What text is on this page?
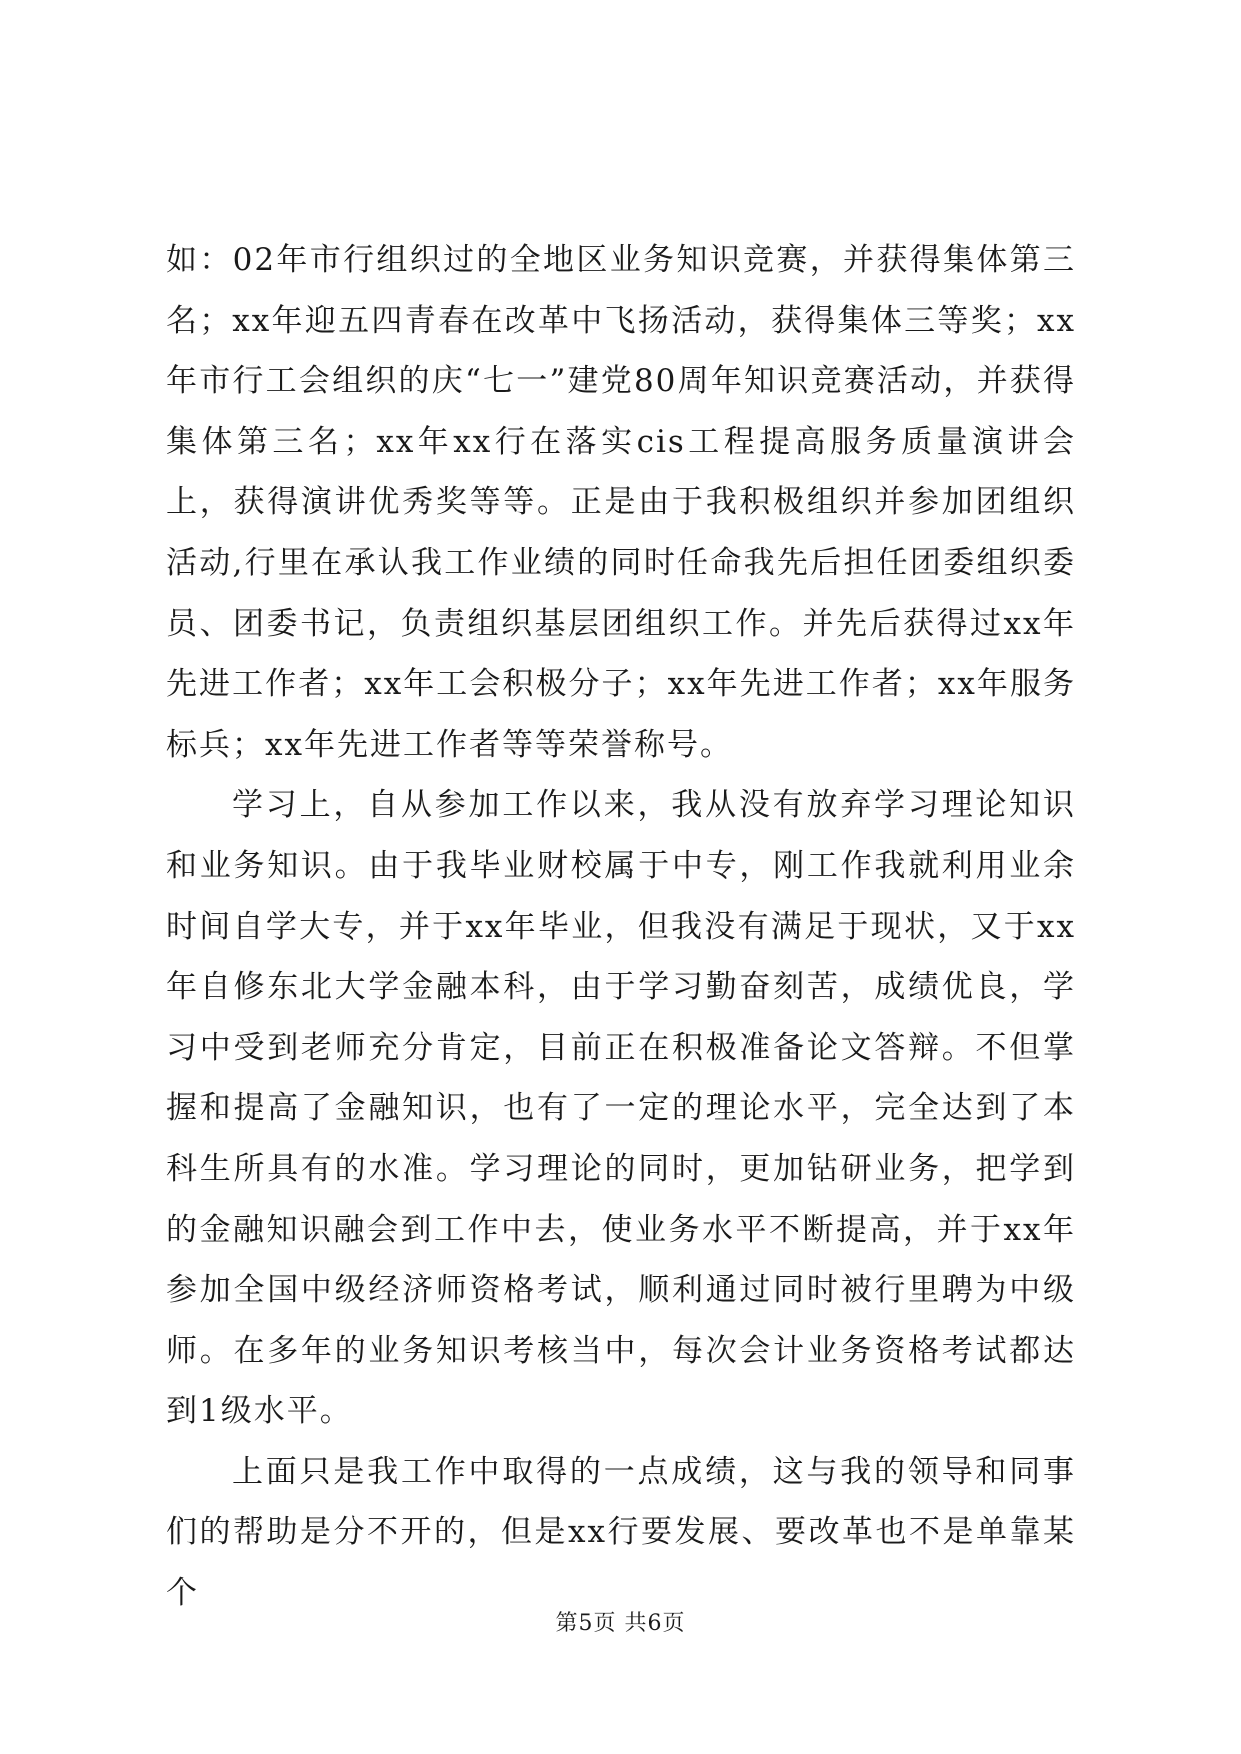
如：02年市行组织过的全地区业务知识竞赛，并获得集体第三名；xx年迎五四青春在改革中飞扬活动，获得集体三等奖；xx年市行工会组织的庆“七一”建党80周年知识竞赛活动，并获得集体第三名；xx年xx行在落实cis工程提高服务质量演讲会上，获得演讲优秀奖等等。正是由于我积极组织并参加团组织活动,行里在承认我工作业绩的同时任命我先后担任团委组织委员、团委书记，负责组织基层团组织工作。并先后获得过xx年先进工作者；xx年工会积极分子；xx年先进工作者；xx年服务标兵；xx年先进工作者等等荣誉称号。

学习上，自从参加工作以来，我从没有放弃学习理论知识和业务知识。由于我毕业财校属于中专，刚工作我就利用业余时间自学大专，并于xx年毕业，但我没有满足于现状，又于xx年自修东北大学金融本科，由于学习勤奋刻苦，成绩优良，学习中受到老师充分肯定，目前正在积极准备论文答辩。不但掌握和提高了金融知识，也有了一定的理论水平，完全达到了本科生所具有的水准。学习理论的同时，更加钻研业务，把学到的金融知识融会到工作中去，使业务水平不断提高，并于xx年参加全国中级经济师资格考试，顺利通过同时被行里聘为中级师。在多年的业务知识考核当中，每次会计业务资格考试都达到1级水平。

上面只是我工作中取得的一点成绩，这与我的领导和同事们的帮助是分不开的，但是xx行要发展、要改革也不是单靠某个

第5页 共6页
